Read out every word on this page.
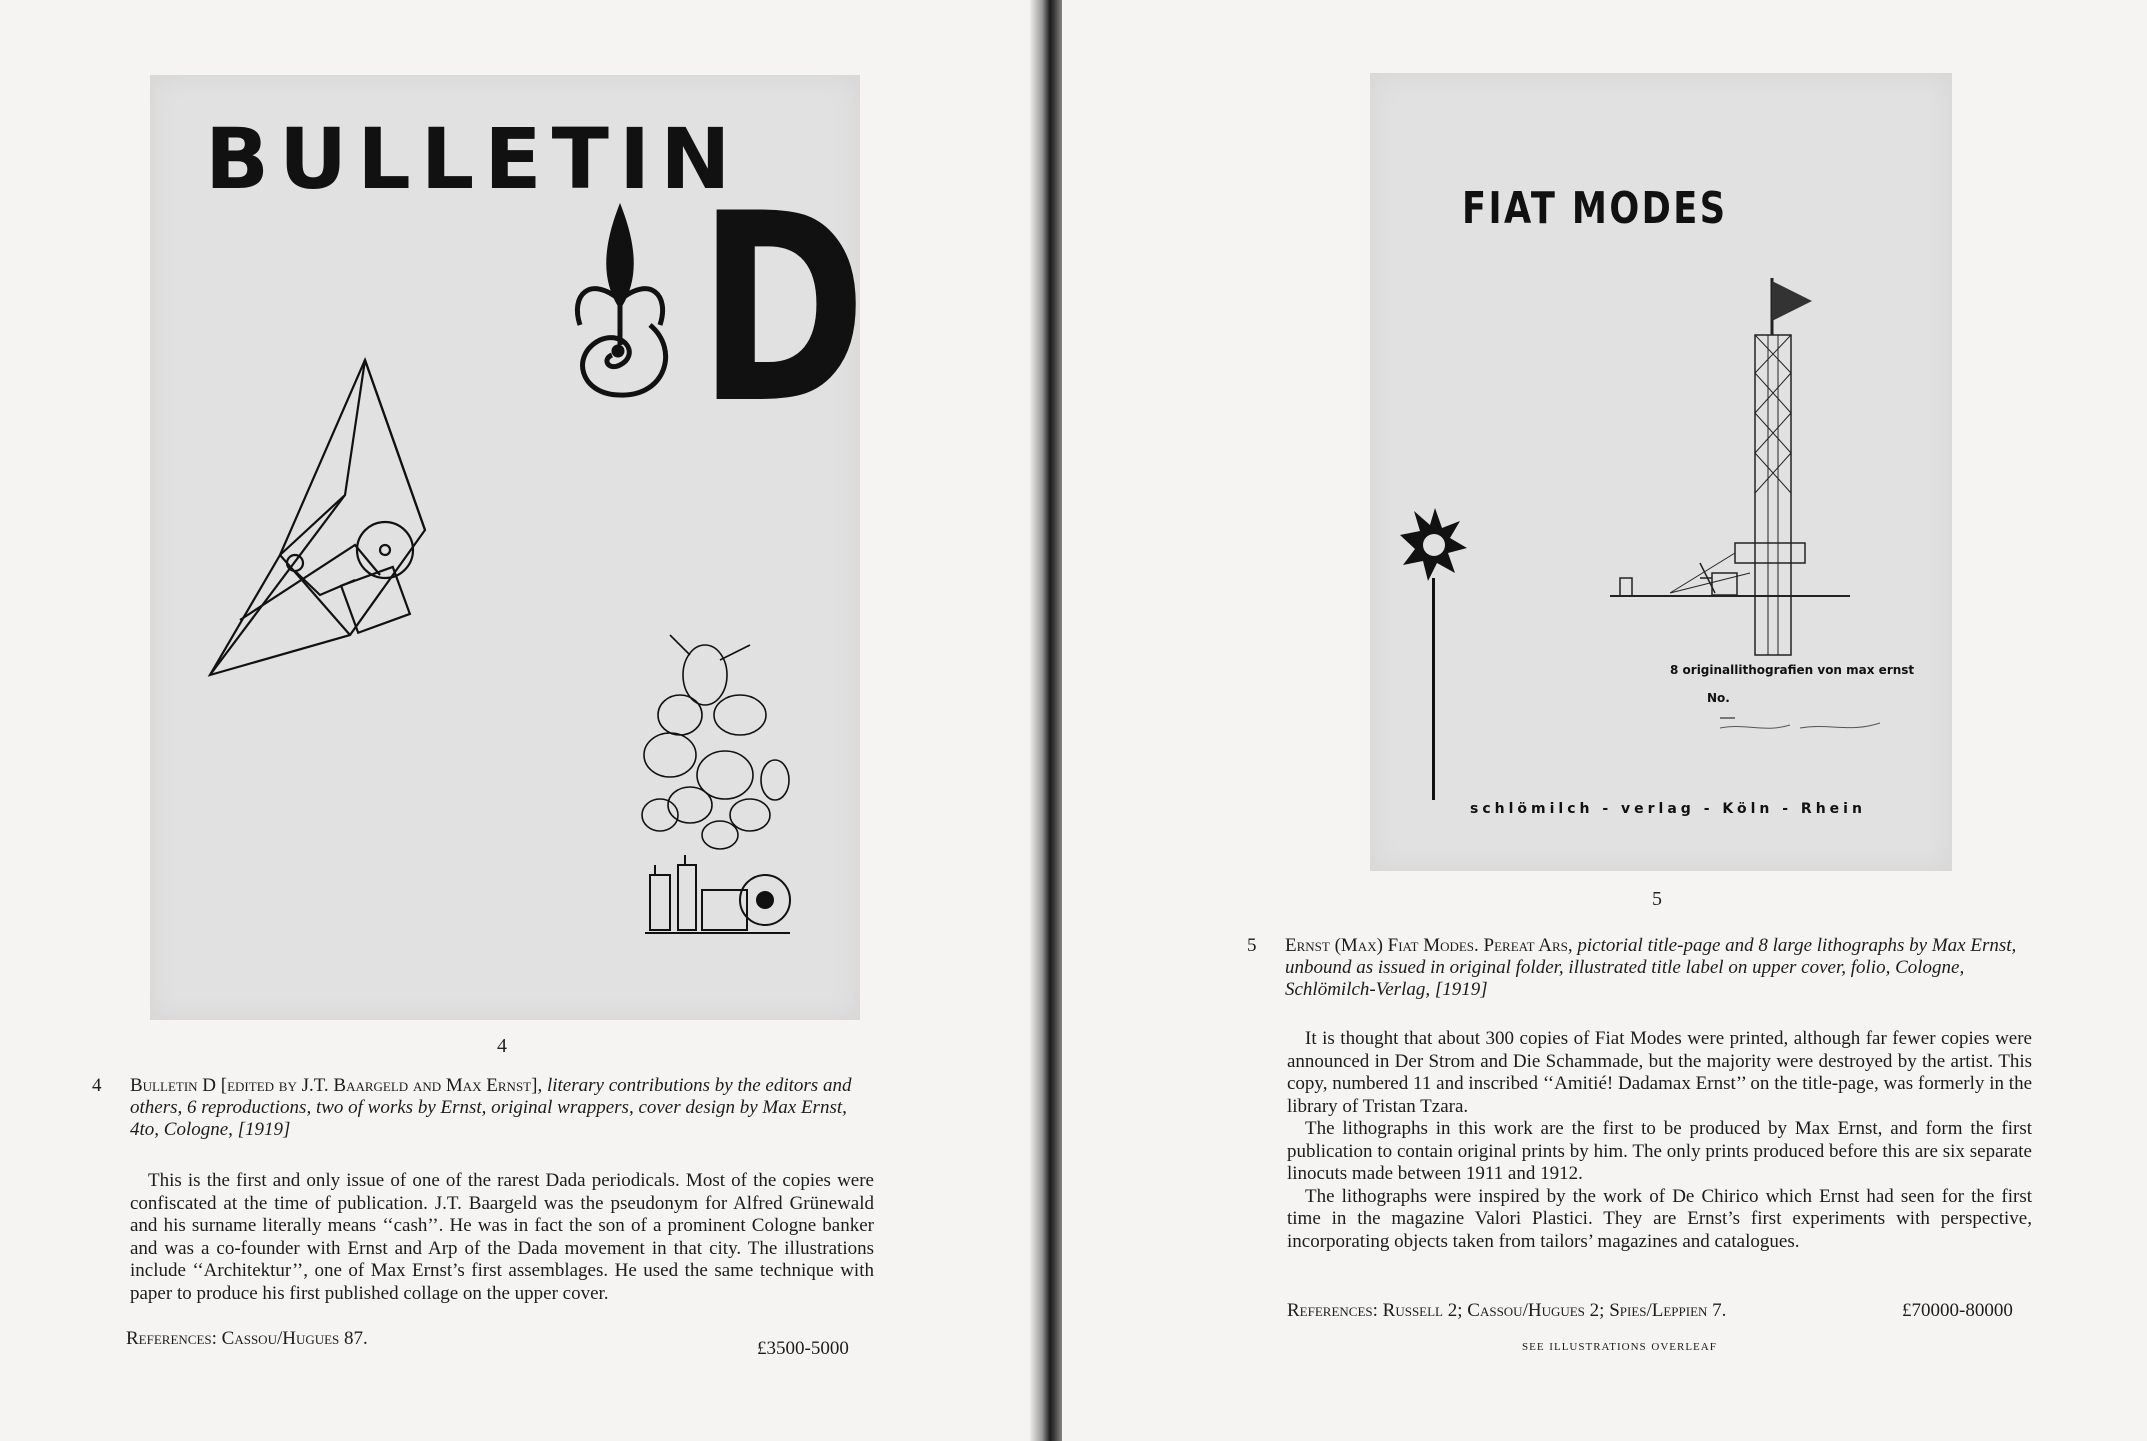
BULLETIN
D
4
4 Bulletin D [edited by J.T. Baargeld and Max Ernst], literary contributions by the editors and others, 6 reproductions, two of works by Ernst, original wrappers, cover design by Max Ernst, 4to, Cologne, [1919]

This is the first and only issue of one of the rarest Dada periodicals. Most of the copies were confiscated at the time of publication. J.T. Baargeld was the pseudonym for Alfred Grünewald and his surname literally means ‘‘cash’’. He was in fact the son of a prominent Cologne banker and was a co-founder with Ernst and Arp of the Dada movement in that city. The illustrations include ‘‘Architektur’’, one of Max Ernst’s first assemblages. He used the same technique with paper to produce his first published collage on the upper cover.

References: Cassou/Hugues 87.	£3500-5000
FIAT MODES
8 originallithografien von max ernst
No.
schlömilch - verlag - Köln - Rhein
5
5 Ernst (Max) Fiat Modes. Pereat Ars, pictorial title-page and 8 large lithographs by Max Ernst, unbound as issued in original folder, illustrated title label on upper cover, folio, Cologne, Schlömilch-Verlag, [1919]

It is thought that about 300 copies of Fiat Modes were printed, although far fewer copies were announced in Der Strom and Die Schammade, but the majority were destroyed by the artist. This copy, numbered 11 and inscribed ‘‘Amitié! Dadamax Ernst’’ on the title-page, was formerly in the library of Tristan Tzara.

The lithographs in this work are the first to be produced by Max Ernst, and form the first publication to contain original prints by him. The only prints produced before this are six separate linocuts made between 1911 and 1912.

The lithographs were inspired by the work of De Chirico which Ernst had seen for the first time in the magazine Valori Plastici. They are Ernst’s first experiments with perspective, incorporating objects taken from tailors’ magazines and catalogues.

References: Russell 2; Cassou/Hugues 2; Spies/Leppien 7.	£70000-80000
see illustrations overleaf
